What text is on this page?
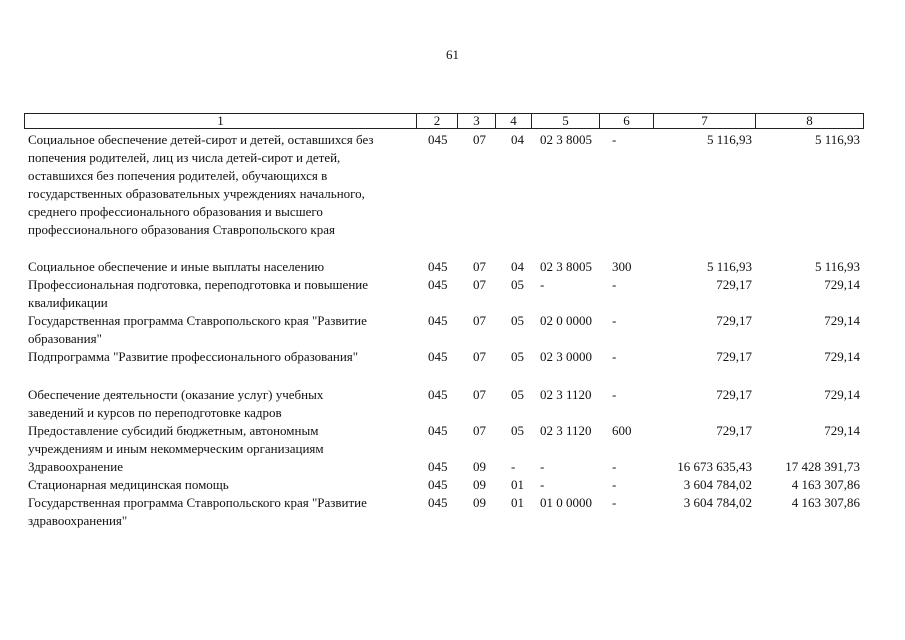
61
1	2	3	4	5	6	7	8
Социальное обеспечение детей-сирот и детей, оставшихся без
попечения родителей, лиц из числа детей-сирот и детей,
оставшихся без попечения родителей, обучающихся в
государственных образовательных учреждениях начального,
среднего профессионального образования и высшего
профессионального образования Ставропольского края
045	07	04 02 3 8005	-	5 116,93	5 116,93
Социальное обеспечение и иные выплаты населению	045	07	04 02 3 8005	300	5 116,93	5 116,93
Профессиональная подготовка, переподготовка и повышение
квалификации
045	07	05 -	-	729,17	729,14
Государственная программа Ставропольского края "Развитие
образования"
045	07	05 02 0 0000	-	729,17	729,14
Подпрограмма "Развитие профессионального образования"	045	07	05 02 3 0000	-	729,17	729,14
Обеспечение деятельности (оказание услуг) учебных
заведений и курсов по переподготовке кадров
045	07	05 02 3 1120	-	729,17	729,14
Предоставление субсидий бюджетным, автономным
учреждениям и иным некоммерческим организациям
045	07	05 02 3 1120	600	729,17	729,14
Здравоохранение	045	09	-	-	-	16 673 635,43	17 428 391,73
Стационарная медицинская помощь	045	09	01 -	-	3 604 784,02	4 163 307,86
Государственная программа Ставропольского края "Развитие
здравоохранения"
045	09	01 01 0 0000	-	3 604 784,02	4 163 307,86
